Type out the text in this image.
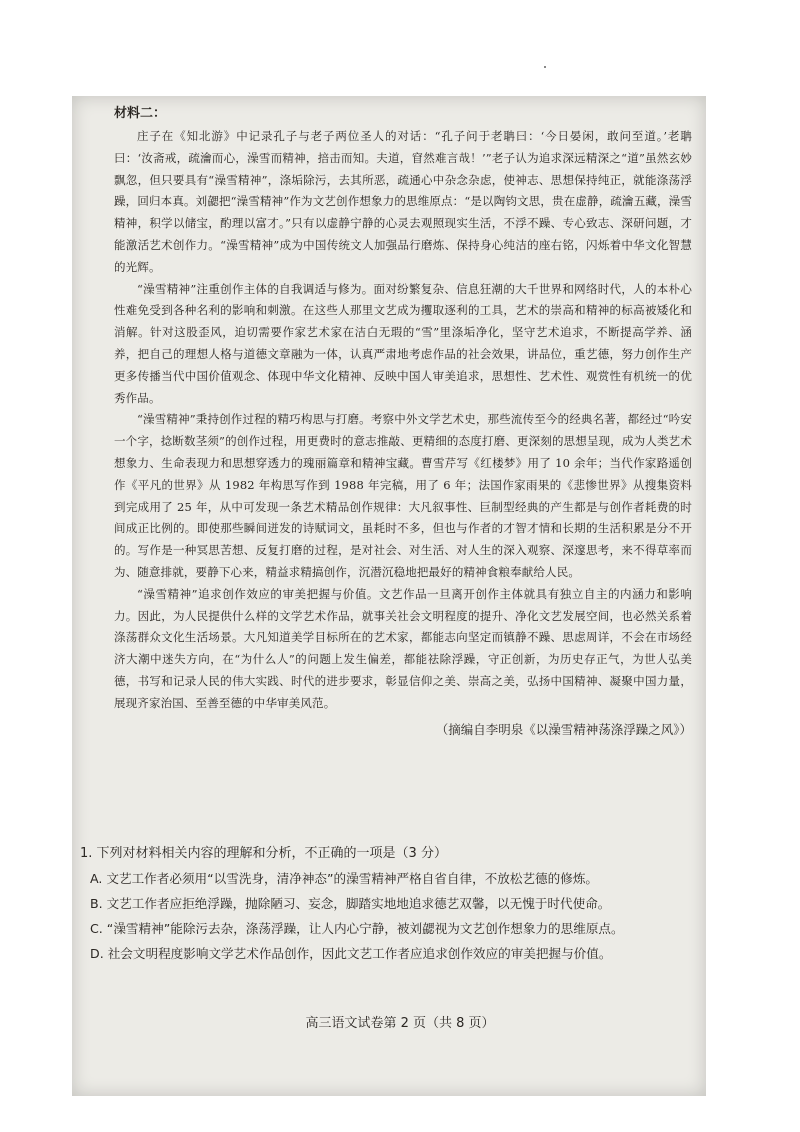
材料二：

庄子在《知北游》中记录孔子与老子两位圣人的对话：“孔子问于老聃曰：‘今日晏闲，敢问至道。’老聃曰：‘汝斋戒，疏瀹而心，澡雪而精神，掊击而知。夫道，窅然难言哉！’”老子认为追求深远精深之“道”虽然玄妙飘忽，但只要具有“澡雪精神”，涤垢除污，去其所恶，疏通心中杂念杂虑，使神志、思想保持纯正，就能涤荡浮躁，回归本真。刘勰把“澡雪精神”作为文艺创作想象力的思维原点：“是以陶钧文思，贵在虚静，疏瀹五藏，澡雪精神，积学以储宝，酌理以富才。”只有以虚静宁静的心灵去观照现实生活，不浮不躁、专心致志、深研问题，才能激活艺术创作力。“澡雪精神”成为中国传统文人加强品行磨炼、保持身心纯洁的座右铭，闪烁着中华文化智慧的光辉。

“澡雪精神”注重创作主体的自我调适与修为。面对纷繁复杂、信息狂潮的大千世界和网络时代，人的本朴心性难免受到各种名利的影响和刺激。在这些人那里文艺成为攫取逐利的工具，艺术的崇高和精神的标高被矮化和消解。针对这股歪风，迫切需要作家艺术家在洁白无瑕的“雪”里涤垢净化，坚守艺术追求，不断提高学养、涵养，把自己的理想人格与道德文章融为一体，认真严肃地考虑作品的社会效果，讲品位，重艺德，努力创作生产更多传播当代中国价值观念、体现中华文化精神、反映中国人审美追求，思想性、艺术性、观赏性有机统一的优秀作品。

“澡雪精神”秉持创作过程的精巧构思与打磨。考察中外文学艺术史，那些流传至今的经典名著，都经过“吟安一个字，捻断数茎须”的创作过程，用更费时的意志推敲、更精细的态度打磨、更深刻的思想呈现，成为人类艺术想象力、生命表现力和思想穿透力的瑰丽篇章和精神宝藏。曹雪芹写《红楼梦》用了 10 余年；当代作家路遥创作《平凡的世界》从 1982 年构思写作到 1988 年完稿，用了 6 年；法国作家雨果的《悲惨世界》从搜集资料到完成用了 25 年，从中可发现一条艺术精品创作规律：大凡叙事性、巨制型经典的产生都是与创作者耗费的时间成正比例的。即使那些瞬间迸发的诗赋词文，虽耗时不多，但也与作者的才智才情和长期的生活积累是分不开的。写作是一种冥思苦想、反复打磨的过程，是对社会、对生活、对人生的深入观察、深邃思考，来不得草率而为、随意排就，要静下心来，精益求精搞创作，沉潜沉稳地把最好的精神食粮奉献给人民。

“澡雪精神”追求创作效应的审美把握与价值。文艺作品一旦离开创作主体就具有独立自主的内涵力和影响力。因此，为人民提供什么样的文学艺术作品，就事关社会文明程度的提升、净化文艺发展空间，也必然关系着涤荡群众文化生活场景。大凡知道美学目标所在的艺术家，都能志向坚定而镇静不躁、思虑周详，不会在市场经济大潮中迷失方向，在“为什么人”的问题上发生偏差，都能祛除浮躁，守正创新，为历史存正气，为世人弘美德，书写和记录人民的伟大实践、时代的进步要求，彰显信仰之美、崇高之美，弘扬中国精神、凝聚中国力量，展现齐家治国、至善至德的中华审美风范。

（摘编自李明泉《以澡雪精神荡涤浮躁之风》）

1. 下列对材料相关内容的理解和分析，不正确的一项是（3 分）

A. 文艺工作者必须用“以雪洗身，清净神态”的澡雪精神严格自省自律，不放松艺德的修炼。

B. 文艺工作者应拒绝浮躁，抛除陋习、妄念，脚踏实地地追求德艺双馨，以无愧于时代使命。

C. “澡雪精神”能除污去杂，涤荡浮躁，让人内心宁静，被刘勰视为文艺创作想象力的思维原点。

D. 社会文明程度影响文学艺术作品创作，因此文艺工作者应追求创作效应的审美把握与价值。

高三语文试卷第 2 页（共 8 页）
